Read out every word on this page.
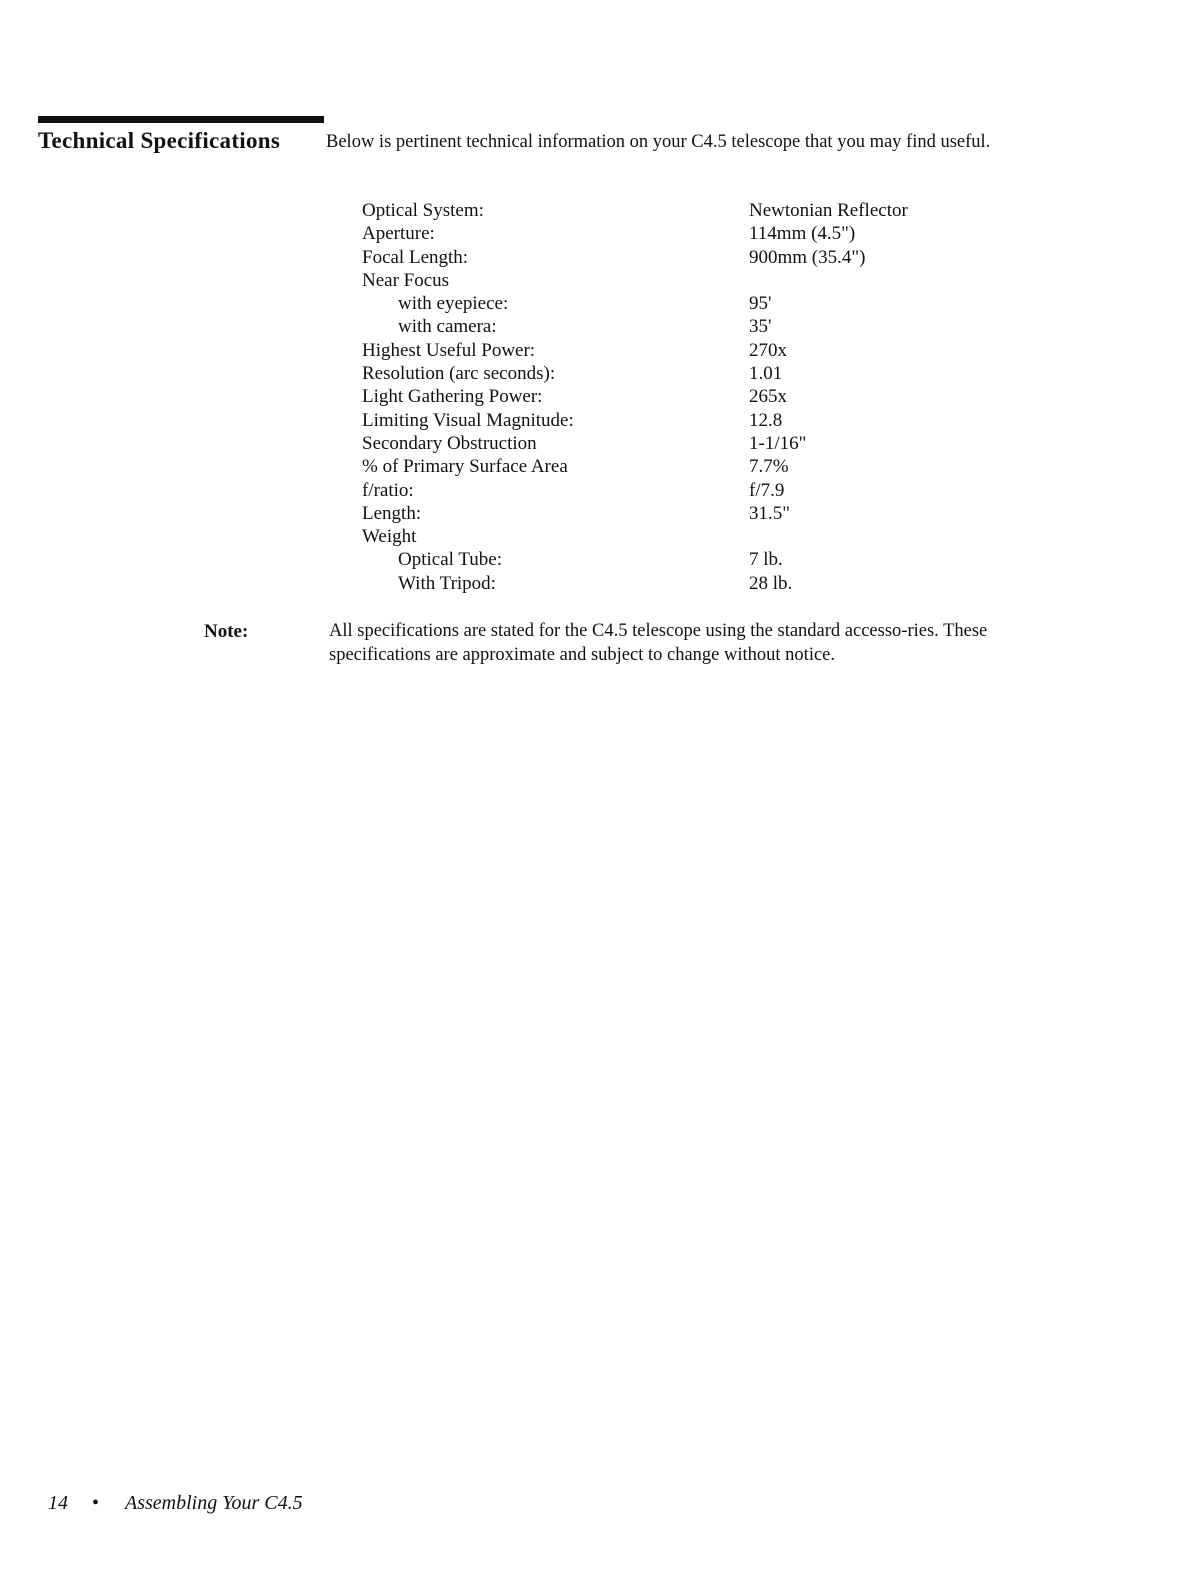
Technical Specifications Below is pertinent technical information on your C4.5 telescope that you may find useful.
Optical System:	Newtonian Reflector
Aperture:	114mm (4.5")
Focal Length:	900mm (35.4")
Near Focus
with eyepiece:	95'
with camera:	35'
Highest Useful Power:	270x
Resolution (arc seconds):	1.01
Light Gathering Power:	265x
Limiting Visual Magnitude:	12.8
Secondary Obstruction	1-1/16"
% of Primary Surface Area	7.7%
f/ratio:	f/7.9
Length:	31.5"
Weight
Optical Tube:	7 lb.
With Tripod:	28 lb.
Note:	All specifications are stated for the C4.5 telescope using the standard accesso-ries. These specifications are approximate and subject to change without notice.
14 • Assembling Your C4.5
